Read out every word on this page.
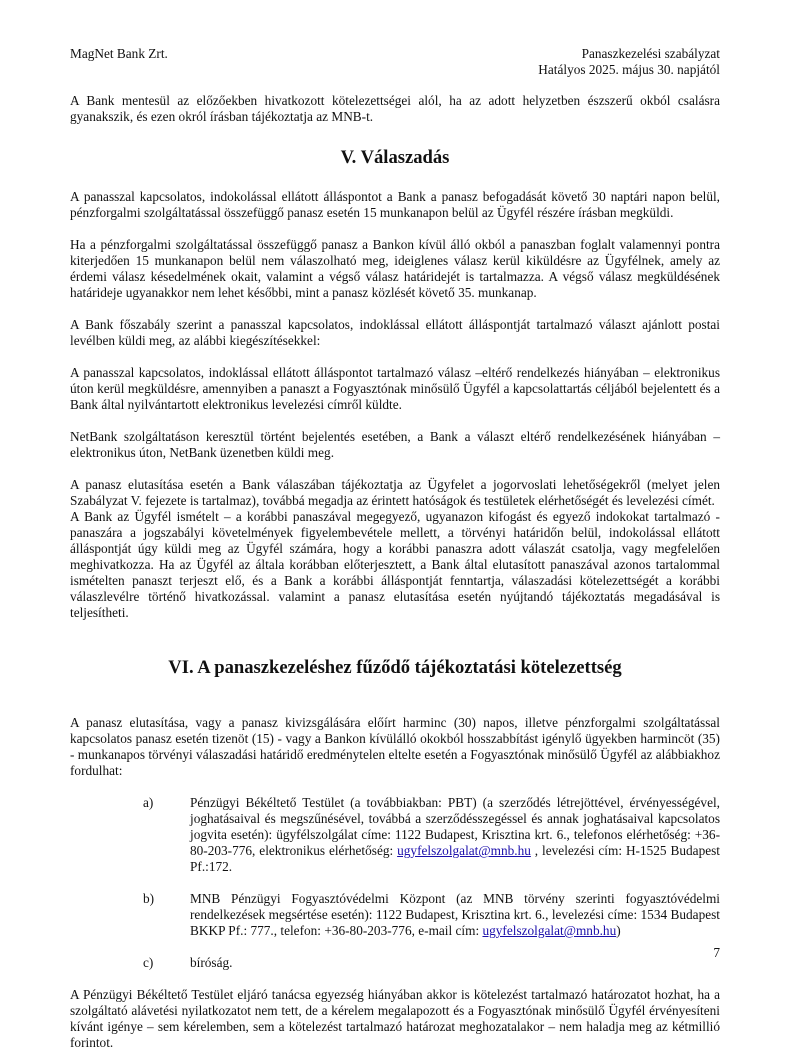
MagNet Bank Zrt.	Panaszkezelési szabályzat
Hatályos 2025. május 30. napjától

A Bank mentesül az előzőekben hivatkozott kötelezettségei alól, ha az adott helyzetben észszerű okból csalásra gyanakszik, és ezen okról írásban tájékoztatja az MNB-t.

V. Válaszadás

A panasszal kapcsolatos, indokolással ellátott álláspontot a Bank a panasz befogadását követő 30 naptári napon belül, pénzforgalmi szolgáltatással összefüggő panasz esetén 15 munkanapon belül az Ügyfél részére írásban megküldi.

Ha a pénzforgalmi szolgáltatással összefüggő panasz a Bankon kívül álló okból a panaszban foglalt valamennyi pontra kiterjedően 15 munkanapon belül nem válaszolható meg, ideiglenes válasz kerül kiküldésre az Ügyfélnek, amely az érdemi válasz késedelmének okait, valamint a végső válasz határidejét is tartalmazza. A végső válasz megküldésének határideje ugyanakkor nem lehet későbbi, mint a panasz közlését követő 35. munkanap.

A Bank főszabály szerint a panasszal kapcsolatos, indoklással ellátott álláspontját tartalmazó választ ajánlott postai levélben küldi meg, az alábbi kiegészítésekkel:

A panasszal kapcsolatos, indoklással ellátott álláspontot tartalmazó válasz –eltérő rendelkezés hiányában – elektronikus úton kerül megküldésre, amennyiben a panaszt a Fogyasztónak minősülő Ügyfél a kapcsolattartás céljából bejelentett és a Bank által nyilvántartott elektronikus levelezési címről küldte.

NetBank szolgáltatáson keresztül történt bejelentés esetében, a Bank a választ eltérő rendelkezésének hiányában – elektronikus úton, NetBank üzenetben küldi meg.

A panasz elutasítása esetén a Bank válaszában tájékoztatja az Ügyfelet a jogorvoslati lehetőségekről (melyet jelen Szabályzat V. fejezete is tartalmaz), továbbá megadja az érintett hatóságok és testületek elérhetőségét és levelezési címét.

A Bank az Ügyfél ismételt – a korábbi panaszával megegyező, ugyanazon kifogást és egyező indokokat tartalmazó - panaszára a jogszabályi követelmények figyelembevétele mellett, a törvényi határidőn belül, indokolással ellátott álláspontját úgy küldi meg az Ügyfél számára, hogy a korábbi panaszra adott válaszát csatolja, vagy megfelelően meghivatkozza. Ha az Ügyfél az általa korábban előterjesztett, a Bank által elutasított panaszával azonos tartalommal ismételten panaszt terjeszt elő, és a Bank a korábbi álláspontját fenntartja, válaszadási kötelezettségét a korábbi válaszlevélre történő hivatkozással. valamint a panasz elutasítása esetén nyújtandó tájékoztatás megadásával is teljesítheti.

VI. A panaszkezeléshez fűződő tájékoztatási kötelezettség

A panasz elutasítása, vagy a panasz kivizsgálására előírt harminc (30) napos, illetve pénzforgalmi szolgáltatással kapcsolatos panasz esetén tizenöt (15) - vagy a Bankon kívülálló okokból hosszabbítást igénylő ügyekben harmincöt (35) - munkanapos törvényi válaszadási határidő eredménytelen eltelte esetén a Fogyasztónak minősülő Ügyfél az alábbiakhoz fordulhat:

a)	Pénzügyi Békéltető Testület (a továbbiakban: PBT) (a szerződés létrejöttével, érvényességével, joghatásaival és megszűnésével, továbbá a szerződésszegéssel és annak joghatásaival kapcsolatos jogvita esetén): ügyfélszolgálat címe: 1122 Budapest, Krisztina krt. 6., telefonos elérhetőség: +36-80-203-776, elektronikus elérhetőség: ugyfelszolgalat@mnb.hu , levelezési cím: H-1525 Budapest Pf.:172.
b)	MNB Pénzügyi Fogyasztóvédelmi Központ (az MNB törvény szerinti fogyasztóvédelmi rendelkezések megsértése esetén): 1122 Budapest, Krisztina krt. 6., levelezési címe: 1534 Budapest BKKP Pf.: 777., telefon: +36-80-203-776, e-mail cím: ugyfelszolgalat@mnb.hu)
c)	bíróság.

A Pénzügyi Békéltető Testület eljáró tanácsa egyezség hiányában akkor is kötelezést tartalmazó határozatot hozhat, ha a szolgáltató alávetési nyilatkozatot nem tett, de a kérelem megalapozott és a Fogyasztónak minősülő Ügyfél érvényesíteni kívánt igénye – sem kérelemben, sem a kötelezést tartalmazó határozat meghozatalakor – nem haladja meg az kétmillió forintot.

7
